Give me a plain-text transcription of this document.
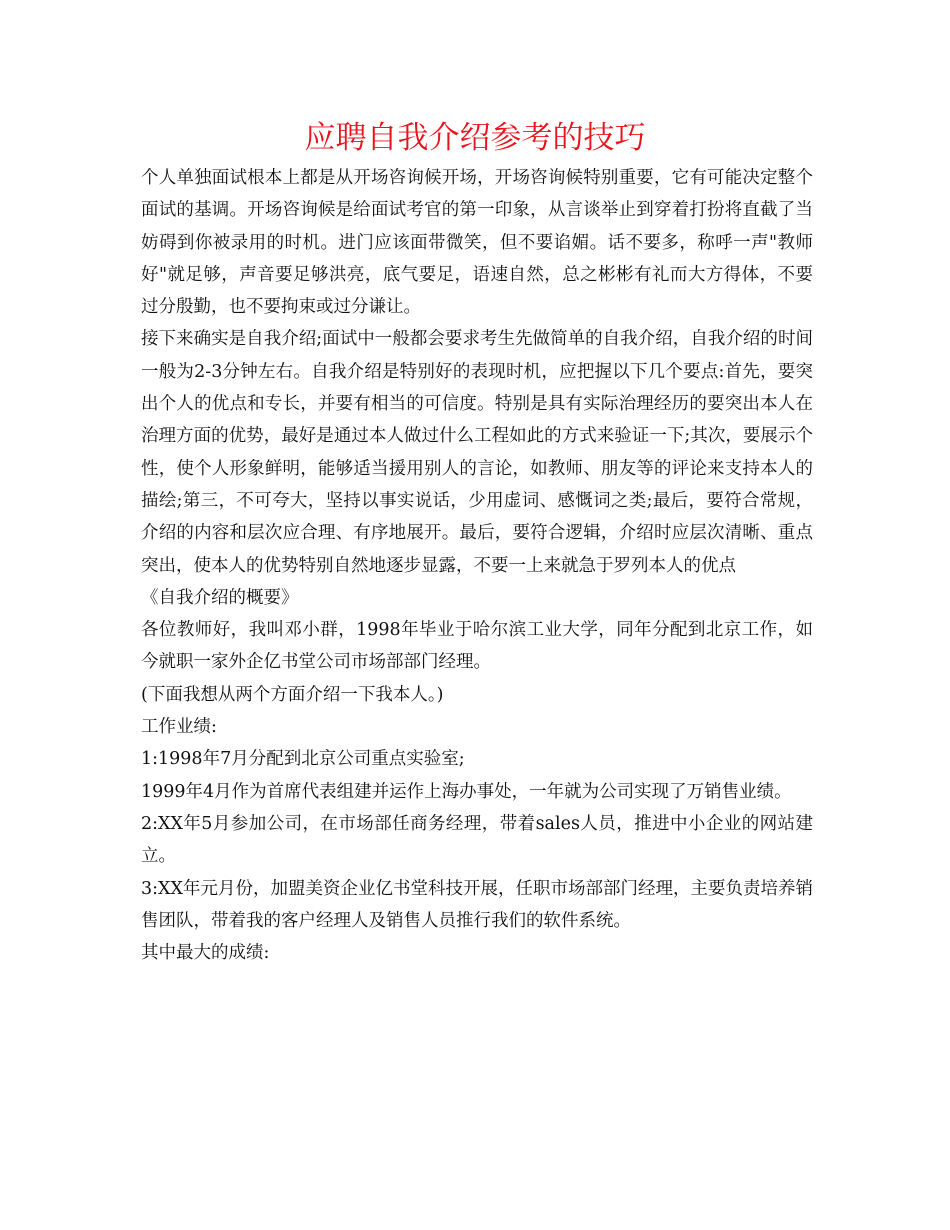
应聘自我介绍参考的技巧

个人单独面试根本上都是从开场咨询候开场，开场咨询候特别重要，它有可能决定整个面试的基调。开场咨询候是给面试考官的第一印象，从言谈举止到穿着打扮将直截了当妨碍到你被录用的时机。进门应该面带微笑，但不要谄媚。话不要多，称呼一声"教师好"就足够，声音要足够洪亮，底气要足，语速自然，总之彬彬有礼而大方得体，不要过分殷勤，也不要拘束或过分谦让。

接下来确实是自我介绍;面试中一般都会要求考生先做简单的自我介绍，自我介绍的时间一般为2-3分钟左右。自我介绍是特别好的表现时机，应把握以下几个要点:首先，要突出个人的优点和专长，并要有相当的可信度。特别是具有实际治理经历的要突出本人在治理方面的优势，最好是通过本人做过什么工程如此的方式来验证一下;其次，要展示个性，使个人形象鲜明，能够适当援用别人的言论，如教师、朋友等的评论来支持本人的描绘;第三，不可夸大，坚持以事实说话，少用虚词、感慨词之类;最后，要符合常规，介绍的内容和层次应合理、有序地展开。最后，要符合逻辑，介绍时应层次清晰、重点突出，使本人的优势特别自然地逐步显露，不要一上来就急于罗列本人的优点

《自我介绍的概要》

各位教师好，我叫邓小群，1998年毕业于哈尔滨工业大学，同年分配到北京工作，如今就职一家外企亿书堂公司市场部部门经理。

(下面我想从两个方面介绍一下我本人。)

工作业绩:

1:1998年7月分配到北京公司重点实验室;

1999年4月作为首席代表组建并运作上海办事处，一年就为公司实现了万销售业绩。

2:XX年5月参加公司，在市场部任商务经理，带着sales人员，推进中小企业的网站建立。

3:XX年元月份，加盟美资企业亿书堂科技开展，任职市场部部门经理，主要负责培养销售团队，带着我的客户经理人及销售人员推行我们的软件系统。

其中最大的成绩:
